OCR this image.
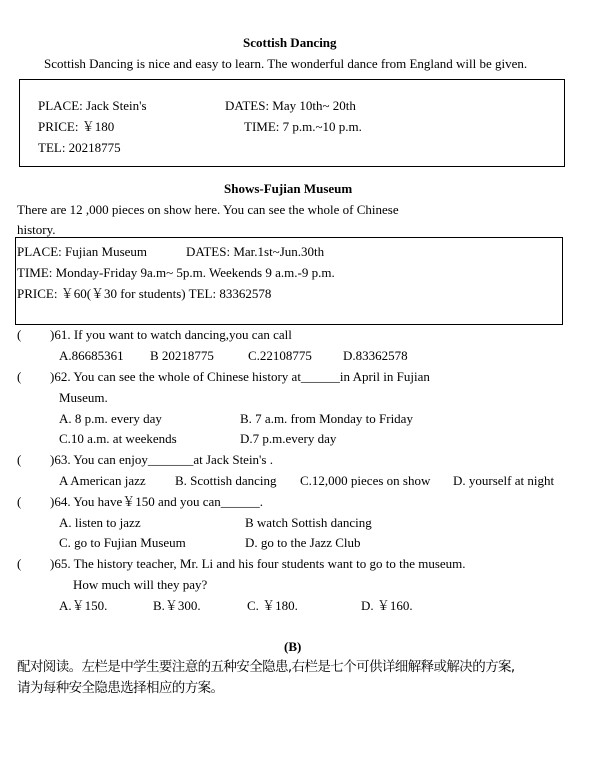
Scottish Dancing
Scottish Dancing is nice and easy to learn. The wonderful dance from England will be given.
PLACE: Jack Stein's	DATES: May 10th~ 20th
PRICE: ￥180	TIME: 7 p.m.~10 p.m.
TEL: 20218775
Shows-Fujian Museum
There are 12 ,000 pieces on show here. You can see the whole of Chinese
history.
PLACE: Fujian Museum            DATES: Mar.1st~Jun.30th
TIME: Monday-Friday 9a.m~ 5p.m. Weekends 9 a.m.-9 p.m.
PRICE: ￥60(￥30 for students) TEL: 83362578
( )61. If you want to watch dancing,you can call
A.86685361 B 20218775	C.22108775 D.83362578
( )62. You can see the whole of Chinese history at______in April in Fujian
Museum.
A. 8 p.m. every day	B. 7 a.m. from Monday to Friday
C.10 a.m. at weekends	D.7 p.m.every day
( )63. You can enjoy_______at Jack Stein's .
A American jazz B. Scottish dancing C.12,000 pieces on show D. yourself at night
( )64. You have￥150 and you can______.
A. listen to jazz	B watch Sottish dancing
C. go to Fujian Museum	D. go to the Jazz Club
( )65. The history teacher, Mr. Li and his four students want to go to the museum.
How much will they pay?
A.￥150.	B.￥300.	C. ￥180.	D. ￥160.
(B)
配对阅读。左栏是中学生要注意的五种安全隐患,右栏是七个可供详细解释或解决的方案,
请为每种安全隐患选择相应的方案。
